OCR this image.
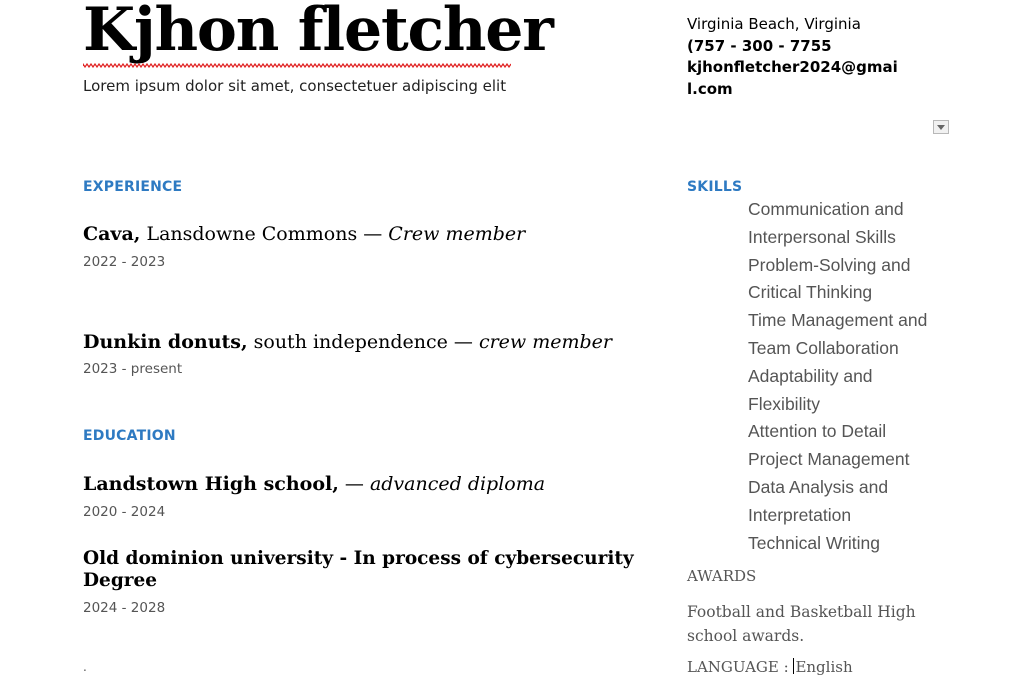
Kjhon fletcher
Lorem ipsum dolor sit amet, consectetuer adipiscing elit
Virginia Beach, Virginia
(757 - 300 - 7755
kjhonfletcher2024@gmail.com
EXPERIENCE
Cava, Lansdowne Commons — Crew member
2022 - 2023
Dunkin donuts, south independence — crew member
2023 - present
EDUCATION
Landstown High school, — advanced diploma
2020 - 2024
Old dominion university - In process of cybersecurity Degree
2024 - 2028
.
SKILLS
Communication and
Interpersonal Skills
Problem-Solving and
Critical Thinking
Time Management and
Team Collaboration
Adaptability and
Flexibility
Attention to Detail
Project Management
Data Analysis and
Interpretation
Technical Writing
AWARDS
Football and Basketball High school awards.
LANGUAGE : English
